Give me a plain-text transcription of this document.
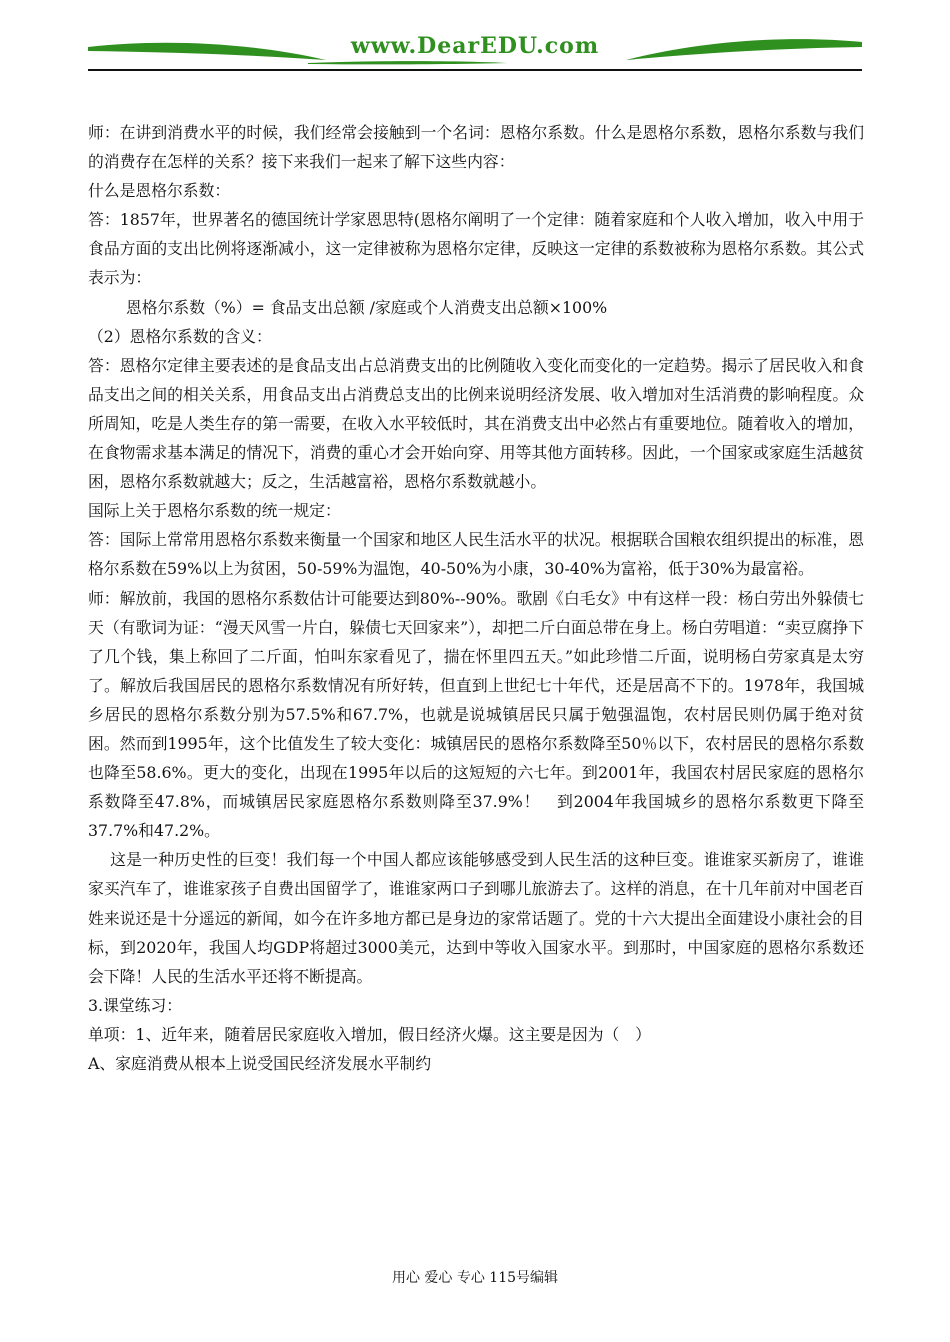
www.DearEDU.com

师：在讲到消费水平的时候，我们经常会接触到一个名词：恩格尔系数。什么是恩格尔系数，恩格尔系数与我们的消费存在怎样的关系？接下来我们一起来了解下这些内容：

什么是恩格尔系数：

答：1857年，世界著名的德国统计学家恩思特(恩格尔阐明了一个定律：随着家庭和个人收入增加，收入中用于食品方面的支出比例将逐渐减小，这一定律被称为恩格尔定律，反映这一定律的系数被称为恩格尔系数。其公式表示为：

恩格尔系数（%）= 食品支出总额 /家庭或个人消费支出总额×100%

（2）恩格尔系数的含义：

答：恩格尔定律主要表述的是食品支出占总消费支出的比例随收入变化而变化的一定趋势。揭示了居民收入和食品支出之间的相关关系，用食品支出占消费总支出的比例来说明经济发展、收入增加对生活消费的影响程度。众所周知，吃是人类生存的第一需要，在收入水平较低时，其在消费支出中必然占有重要地位。随着收入的增加，在食物需求基本满足的情况下，消费的重心才会开始向穿、用等其他方面转移。因此，一个国家或家庭生活越贫困，恩格尔系数就越大；反之，生活越富裕，恩格尔系数就越小。

国际上关于恩格尔系数的统一规定：

答：国际上常常用恩格尔系数来衡量一个国家和地区人民生活水平的状况。根据联合国粮农组织提出的标准，恩格尔系数在59%以上为贫困，50-59%为温饱，40-50%为小康，30-40%为富裕，低于30%为最富裕。

师：解放前，我国的恩格尔系数估计可能要达到80%--90%。歌剧《白毛女》中有这样一段：杨白劳出外躲债七天（有歌词为证：“漫天风雪一片白，躲债七天回家来”），却把二斤白面总带在身上。杨白劳唱道：“卖豆腐挣下了几个钱，集上称回了二斤面，怕叫东家看见了，揣在怀里四五天。”如此珍惜二斤面，说明杨白劳家真是太穷了。解放后我国居民的恩格尔系数情况有所好转，但直到上世纪七十年代，还是居高不下的。1978年，我国城乡居民的恩格尔系数分别为57.5%和67.7%，也就是说城镇居民只属于勉强温饱，农村居民则仍属于绝对贫困。然而到1995年，这个比值发生了较大变化：城镇居民的恩格尔系数降至50％以下，农村居民的恩格尔系数也降至58.6%。更大的变化，出现在1995年以后的这短短的六七年。到2001年，我国农村居民家庭的恩格尔系数降至47.8%，而城镇居民家庭恩格尔系数则降至37.9%！　到2004年我国城乡的恩格尔系数更下降至37.7%和47.2%。

这是一种历史性的巨变！我们每一个中国人都应该能够感受到人民生活的这种巨变。谁谁家买新房了，谁谁家买汽车了，谁谁家孩子自费出国留学了，谁谁家两口子到哪儿旅游去了。这样的消息，在十几年前对中国老百姓来说还是十分遥远的新闻，如今在许多地方都已是身边的家常话题了。党的十六大提出全面建设小康社会的目标，到2020年，我国人均GDP将超过3000美元，达到中等收入国家水平。到那时，中国家庭的恩格尔系数还会下降！人民的生活水平还将不断提高。

3.课堂练习：

单项：1、近年来，随着居民家庭收入增加，假日经济火爆。这主要是因为（　）

A、家庭消费从根本上说受国民经济发展水平制约

用心 爱心 专心 115号编辑
